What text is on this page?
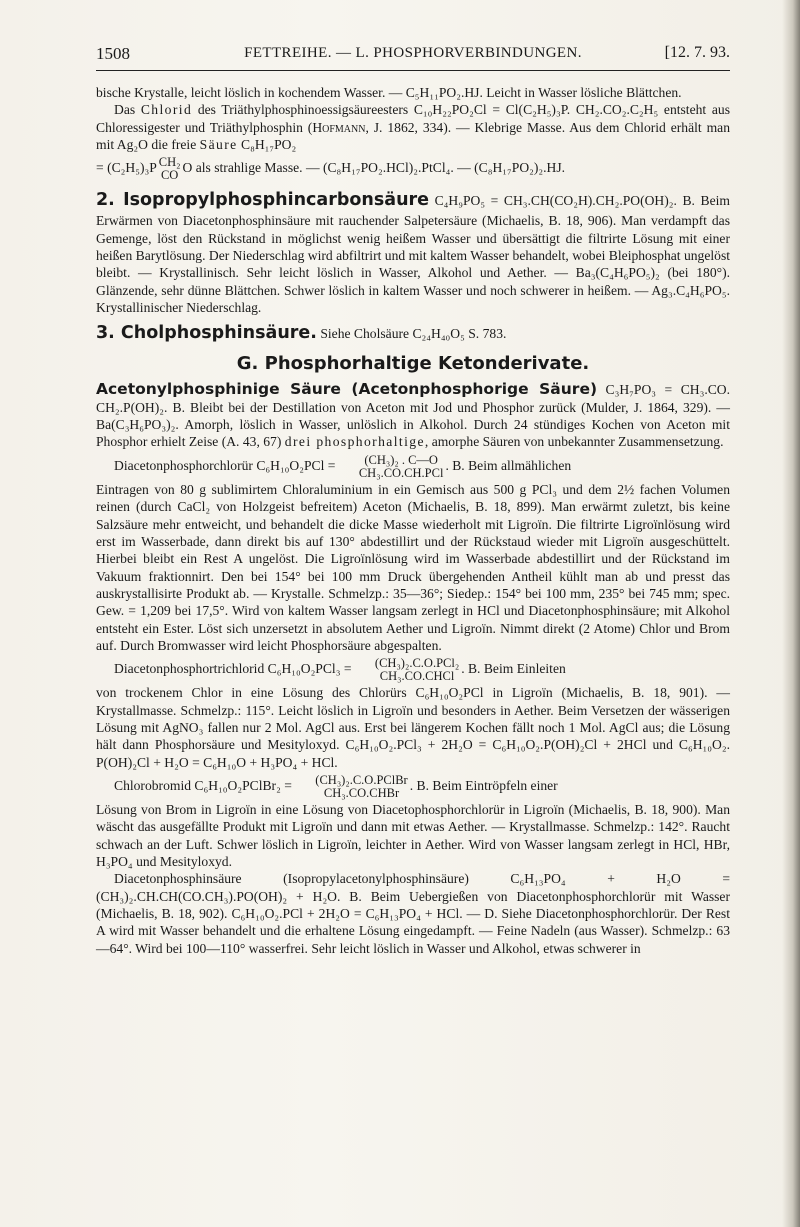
1508	FETTREIHE. — L. PHOSPHORVERBINDUNGEN.	[12. 7. 93.

bische Krystalle, leicht löslich in kochendem Wasser. — C₅H₁₁PO₂.HJ. Leicht in Wasser lösliche Blättchen.

Das Chlorid des Triäthylphosphinoessigsäureesters C₁₀H₂₂PO₂Cl = Cl(C₂H₅)₃P. CH₂.CO₂.C₂H₅ entsteht aus Chloressigester und Triäthylphosphin (Hofmann, J. 1862, 334). — Klebrige Masse. Aus dem Chlorid erhält man mit Ag₂O die freie Säure C₈H₁₇PO₂

= (C₂H₅)₃P CH₂
CO O als strahlige Masse. — (C₈H₁₇PO₂.HCl)₂.PtCl₄. — (C₈H₁₇PO₂)₂.HJ.

2. Isopropylphosphincarbonsäure C₄H₉PO₅ = CH₃.CH(CO₂H).CH₂.PO(OH)₂. B. Beim Erwärmen von Diacetonphosphinsäure mit rauchender Salpetersäure (Michaelis, B. 18, 906). Man verdampft das Gemenge, löst den Rückstand in möglichst wenig heißem Wasser und übersättigt die filtrirte Lösung mit einer heißen Barytlösung. Der Niederschlag wird abfiltrirt und mit kaltem Wasser behandelt, wobei Bleiphosphat ungelöst bleibt. — Krystallinisch. Sehr leicht löslich in Wasser, Alkohol und Aether. — Ba₃(C₄H₆PO₅)₂ (bei 180°). Glänzende, sehr dünne Blättchen. Schwer löslich in kaltem Wasser und noch schwerer in heißem. — Ag₃.C₄H₆PO₅. Krystallinischer Niederschlag.

3. Cholphosphinsäure. Siehe Cholsäure C₂₄H₄₀O₅ S. 783.

G. Phosphorhaltige Ketonderivate.

Acetonylphosphinige Säure (Acetonphosphorige Säure) C₃H₇PO₃ = CH₃.CO. CH₂.P(OH)₂. B. Bleibt bei der Destillation von Aceton mit Jod und Phosphor zurück (Mulder, J. 1864, 329). — Ba(C₃H₆PO₃)₂. Amorph, löslich in Wasser, unlöslich in Alkohol. Durch 24 stündiges Kochen von Aceton mit Phosphor erhielt Zeise (A. 43, 67) drei phosphorhaltige, amorphe Säuren von unbekannter Zusammensetzung.

Diacetonphosphorchlorür C₆H₁₀O₂PCl =	(CH₃)₂ . C—O
CH₃.CO.CH.PCl . B. Beim allmählichen

Eintragen von 80 g sublimirtem Chloraluminium in ein Gemisch aus 500 g PCl₃ und dem 2½ fachen Volumen reinen (durch CaCl₂ von Holzgeist befreitem) Aceton (Michaelis, B. 18, 899). Man erwärmt zuletzt, bis keine Salzsäure mehr entweicht, und behandelt die dicke Masse wiederholt mit Ligroïn. Die filtrirte Ligroïnlösung wird erst im Wasserbade, dann direkt bis auf 130° abdestillirt und der Rückstaud wieder mit Ligroïn ausgeschüttelt. Hierbei bleibt ein Rest A ungelöst. Die Ligroïnlösung wird im Wasserbade abdestillirt und der Rückstand im Vakuum fraktionnirt. Den bei 154° bei 100 mm Druck übergehenden Antheil kühlt man ab und presst das auskrystallisirte Produkt ab. — Krystalle. Schmelzp.: 35—36°; Siedep.: 154° bei 100 mm, 235° bei 745 mm; spec. Gew. = 1,209 bei 17,5°. Wird von kaltem Wasser langsam zerlegt in HCl und Diacetonphosphinsäure; mit Alkohol entsteht ein Ester. Löst sich unzersetzt in absolutem Aether und Ligroïn. Nimmt direkt (2 Atome) Chlor und Brom auf. Durch Bromwasser wird leicht Phosphorsäure abgespalten.

Diacetonphosphortrichlorid C₆H₁₀O₂PCl₃ =	(CH₃)₂.C.O.PCl₂
CH₃.CO.CHCl . B. Beim Einleiten

von trockenem Chlor in eine Lösung des Chlorürs C₆H₁₀O₂PCl in Ligroïn (Michaelis, B. 18, 901). — Krystallmasse. Schmelzp.: 115°. Leicht löslich in Ligroïn und besonders in Aether. Beim Versetzen der wässerigen Lösung mit AgNO₃ fallen nur 2 Mol. AgCl aus. Erst bei längerem Kochen fällt noch 1 Mol. AgCl aus; die Lösung hält dann Phosphorsäure und Mesityloxyd. C₆H₁₀O₂.PCl₃ + 2H₂O = C₆H₁₀O₂.P(OH)₂Cl + 2HCl und C₆H₁₀O₂. P(OH)₂Cl + H₂O = C₆H₁₀O + H₃PO₄ + HCl.

Chlorobromid C₆H₁₀O₂PClBr₂ =	(CH₃)₂.C.O.PClBr
CH₃.CO.CHBr . B. Beim Eintröpfeln einer

Lösung von Brom in Ligroïn in eine Lösung von Diacetophosphorchlorür in Ligroïn (Michaelis, B. 18, 900). Man wäscht das ausgefällte Produkt mit Ligroïn und dann mit etwas Aether. — Krystallmasse. Schmelzp.: 142°. Raucht schwach an der Luft. Schwer löslich in Ligroïn, leichter in Aether. Wird von Wasser langsam zerlegt in HCl, HBr, H₃PO₄ und Mesityloxyd.

Diacetonphosphinsäure (Isopropylacetonylphosphinsäure) C₆H₁₃PO₄ + H₂O = (CH₃)₂.CH.CH(CO.CH₃).PO(OH)₂ + H₂O. B. Beim Uebergießen von Diacetonphosphorchlorür mit Wasser (Michaelis, B. 18, 902). C₆H₁₀O₂.PCl + 2H₂O = C₆H₁₃PO₄ + HCl. — D. Siehe Diacetonphosphorchlorür. Der Rest A wird mit Wasser behandelt und die erhaltene Lösung eingedampft. — Feine Nadeln (aus Wasser). Schmelzp.: 63—64°. Wird bei 100—110° wasserfrei. Sehr leicht löslich in Wasser und Alkohol, etwas schwerer in
